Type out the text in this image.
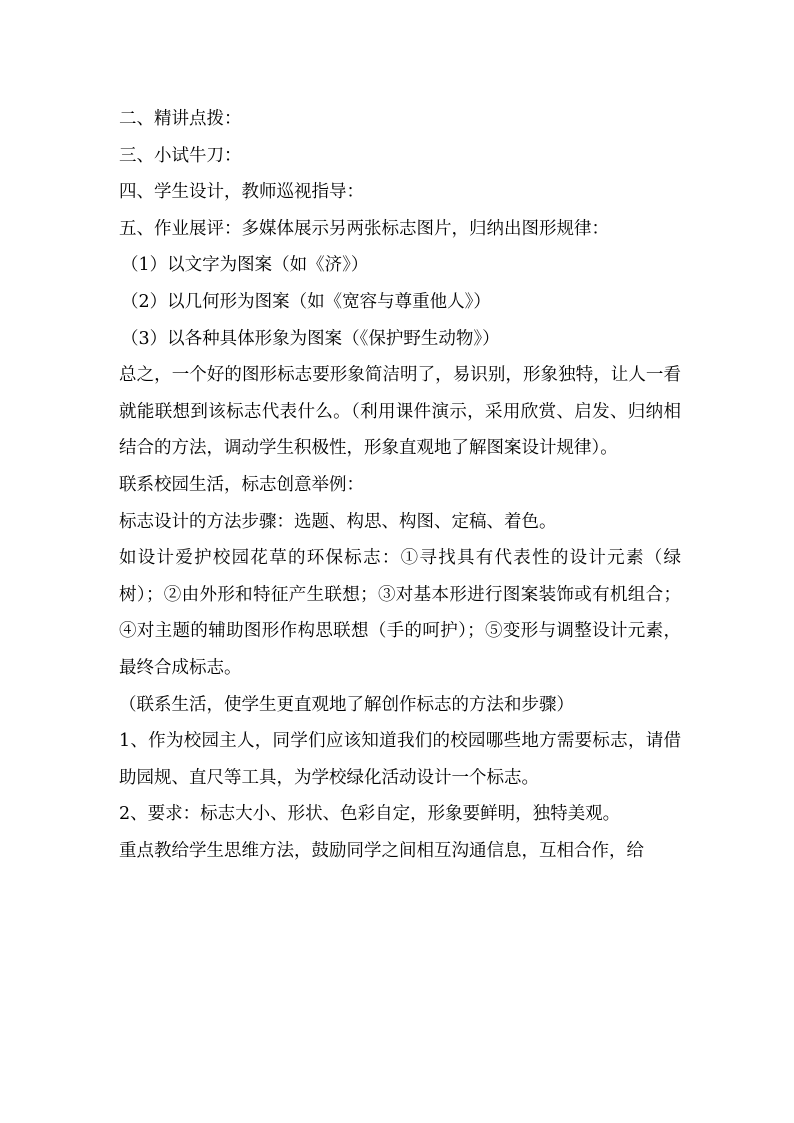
二、精讲点拨：

三、小试牛刀：

四、学生设计，教师巡视指导：

五、作业展评：多媒体展示另两张标志图片，归纳出图形规律：

（1）以文字为图案（如《济》）

（2）以几何形为图案（如《宽容与尊重他人》）

（3）以各种具体形象为图案（《保护野生动物》）

总之，一个好的图形标志要形象简洁明了，易识别，形象独特，让人一看就能联想到该标志代表什么。（利用课件演示，采用欣赏、启发、归纳相结合的方法，调动学生积极性，形象直观地了解图案设计规律）。

联系校园生活，标志创意举例：

标志设计的方法步骤：选题、构思、构图、定稿、着色。

如设计爱护校园花草的环保标志：①寻找具有代表性的设计元素（绿树）；②由外形和特征产生联想；③对基本形进行图案装饰或有机组合；④对主题的辅助图形作构思联想（手的呵护）；⑤变形与调整设计元素，最终合成标志。

（联系生活，使学生更直观地了解创作标志的方法和步骤）

1、作为校园主人，同学们应该知道我们的校园哪些地方需要标志，请借助园规、直尺等工具，为学校绿化活动设计一个标志。

2、要求：标志大小、形状、色彩自定，形象要鲜明，独特美观。

重点教给学生思维方法，鼓励同学之间相互沟通信息，互相合作，给
